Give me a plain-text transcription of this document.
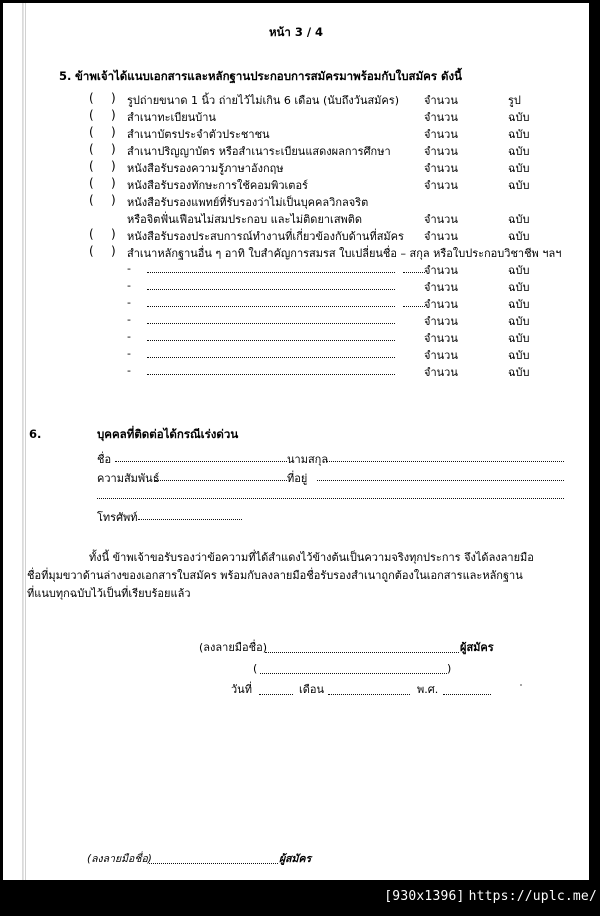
หน้า 3 / 4
5. ข้าพเจ้าได้แนบเอกสารและหลักฐานประกอบการสมัครมาพร้อมกับใบสมัคร ดังนี้
( ) รูปถ่ายขนาด 1 นิ้ว ถ่ายไว้ไม่เกิน 6 เดือน (นับถึงวันสมัคร) จำนวน	รูป
( ) สำเนาทะเบียนบ้าน	จำนวน	ฉบับ
( ) สำเนาบัตรประจำตัวประชาชน	จำนวน	ฉบับ
( ) สำเนาปริญญาบัตร หรือสำเนาระเบียนแสดงผลการศึกษา	จำนวน	ฉบับ
( ) หนังสือรับรองความรู้ภาษาอังกฤษ	จำนวน	ฉบับ
( ) หนังสือรับรองทักษะการใช้คอมพิวเตอร์	จำนวน	ฉบับ
( ) หนังสือรับรองแพทย์ที่รับรองว่าไม่เป็นบุคคลวิกลจริต
หรือจิตฟั่นเฟือนไม่สมประกอบ และไม่ติดยาเสพติด	จำนวน	ฉบับ
( ) หนังสือรับรองประสบการณ์ทำงานที่เกี่ยวข้องกับด้านที่สมัคร จำนวน	ฉบับ
( ) สำเนาหลักฐานอื่น ๆ อาทิ ใบสำคัญการสมรส ใบเปลี่ยนชื่อ – สกุล หรือใบประกอบวิชาชีพ ฯลฯ
-	จำนวน	ฉบับ
-	จำนวน	ฉบับ
-	จำนวน	ฉบับ
-	จำนวน	ฉบับ
-	จำนวน	ฉบับ
-	จำนวน	ฉบับ
-	จำนวน	ฉบับ
6.	บุคคลที่ติดต่อได้กรณีเร่งด่วน
ชื่อ	นามสกุล
ความสัมพันธ์	ที่อยู่
โทรศัพท์

ทั้งนี้ ข้าพเจ้าขอรับรองว่าข้อความที่ได้สำแดงไว้ข้างต้นเป็นความจริงทุกประการ จึงได้ลงลายมือ

ชื่อที่มุมขวาด้านล่างของเอกสารใบสมัคร พร้อมกับลงลายมือชื่อรับรองสำเนาถูกต้องในเอกสารและหลักฐาน

ที่แนบทุกฉบับไว้เป็นที่เรียบร้อยแล้ว

(ลงลายมือชื่อ)	ผู้สมัคร
(	)
วันที่	เดือน	พ.ศ.
(ลงลายมือชื่อ)	ผู้สมัคร
[930x1396] https://uplc.me/
